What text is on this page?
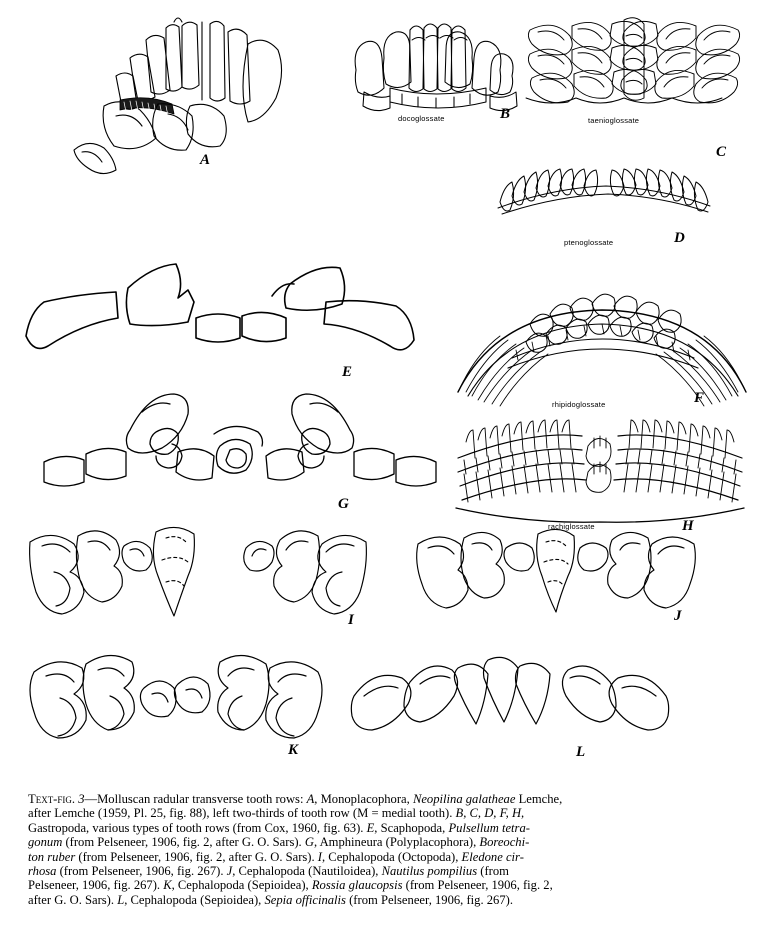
A
docoglossate	B	taenioglossate
C
ptenoglossate	D
E
rhipidoglossate	F
G
rachiglossate	H
I	J
K	L
Text-fig. 3—Molluscan radular transverse tooth rows: A, Monoplacophora, Neopilina galatheae Lemche,
after Lemche (1959, Pl. 25, fig. 88), left two-thirds of tooth row (M = medial tooth). B, C, D, F, H,
Gastropoda, various types of tooth rows (from Cox, 1960, fig. 63). E, Scaphopoda, Pulsellum tetra-
gonum (from Pelseneer, 1906, fig. 2, after G. O. Sars). G, Amphineura (Polyplacophora), Boreochi-
ton ruber (from Pelseneer, 1906, fig. 2, after G. O. Sars). I, Cephalopoda (Octopoda), Eledone cir-
rhosa (from Pelseneer, 1906, fig. 267). J, Cephalopoda (Nautiloidea), Nautilus pompilius (from
Pelseneer, 1906, fig. 267). K, Cephalopoda (Sepioidea), Rossia glaucopsis (from Pelseneer, 1906, fig. 2,
after G. O. Sars). L, Cephalopoda (Sepioidea), Sepia officinalis (from Pelseneer, 1906, fig. 267).
